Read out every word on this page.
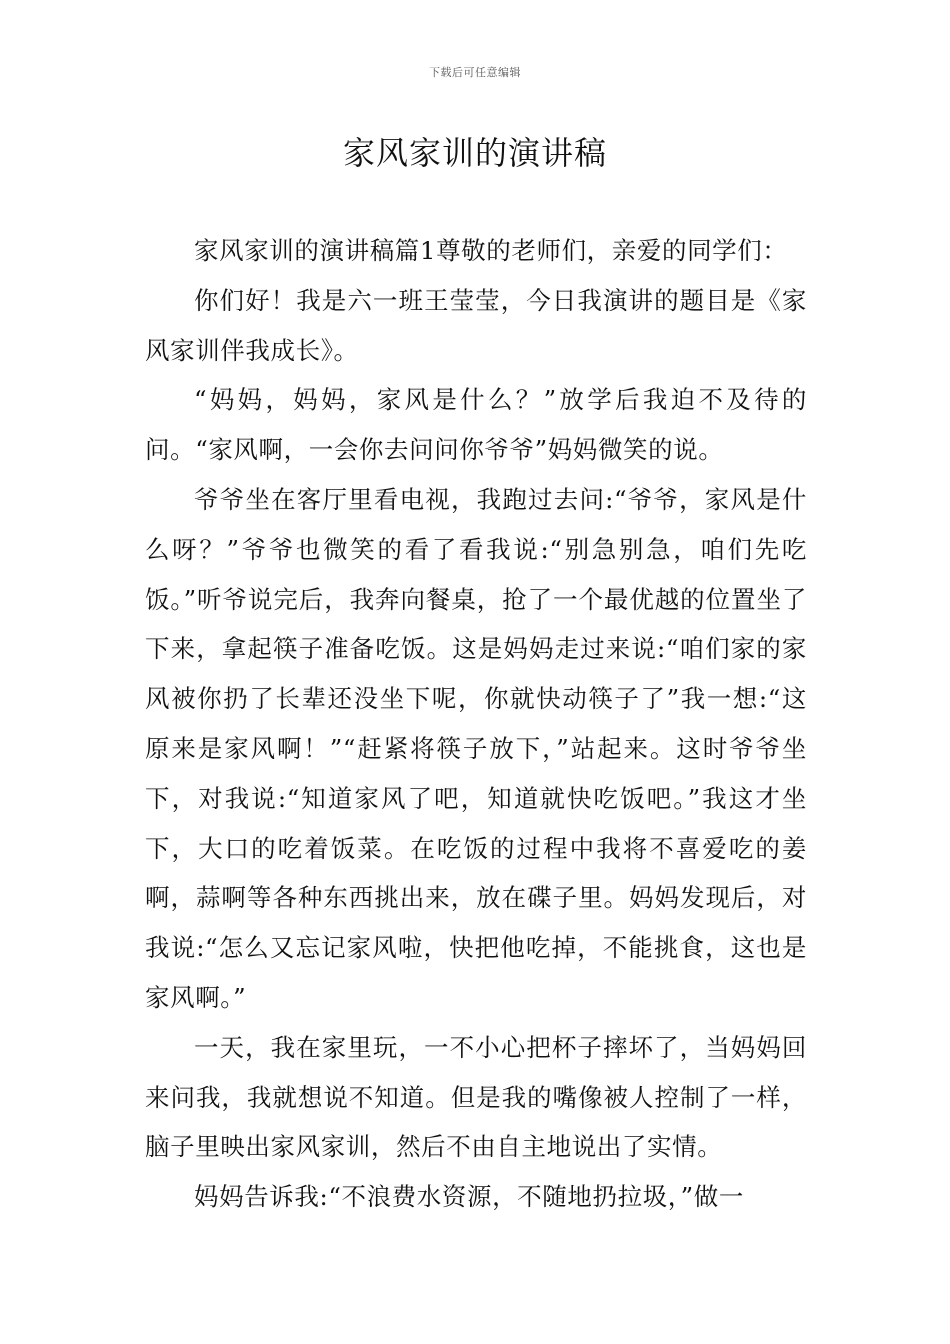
下载后可任意编辑
家风家训的演讲稿

家风家训的演讲稿篇1尊敬的老师们，亲爱的同学们：

你们好！我是六一班王莹莹，今日我演讲的题目是《家风家训伴我成长》。

“妈妈，妈妈，家风是什么？”放学后我迫不及待的问。“家风啊，一会你去问问你爷爷”妈妈微笑的说。

爷爷坐在客厅里看电视，我跑过去问:“爷爷，家风是什么呀？”爷爷也微笑的看了看我说:“别急别急，咱们先吃饭。”听爷说完后，我奔向餐桌，抢了一个最优越的位置坐了下来，拿起筷子准备吃饭。这是妈妈走过来说:“咱们家的家风被你扔了长辈还没坐下呢，你就快动筷子了”我一想:“这原来是家风啊！”“赶紧将筷子放下，”站起来。这时爷爷坐下，对我说:“知道家风了吧，知道就快吃饭吧。”我这才坐下，大口的吃着饭菜。在吃饭的过程中我将不喜爱吃的姜啊，蒜啊等各种东西挑出来，放在碟子里。妈妈发现后，对我说:“怎么又忘记家风啦，快把他吃掉，不能挑食，这也是家风啊。”

一天，我在家里玩，一不小心把杯子摔坏了，当妈妈回来问我，我就想说不知道。但是我的嘴像被人控制了一样，脑子里映出家风家训，然后不由自主地说出了实情。

妈妈告诉我:“不浪费水资源，不随地扔拉圾，”做一
